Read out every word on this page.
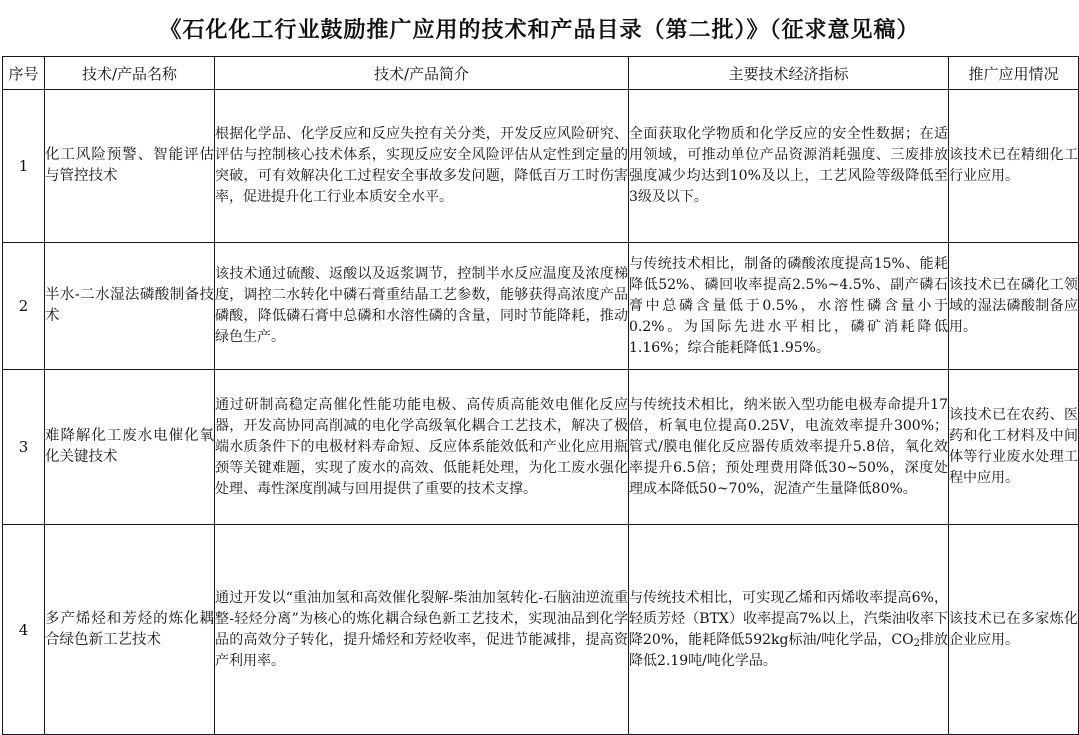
《石化化工行业鼓励推广应用的技术和产品目录（第二批）》（征求意见稿）
序号	技术/产品名称	技术/产品简介	主要技术经济指标	推广应用情况
1	化工风险预警、智能评估与管控技术	根据化学品、化学反应和反应失控有关分类，开发反应风险研究、评估与控制核心技术体系，实现反应安全风险评估从定性到定量的突破，可有效解决化工过程安全事故多发问题，降低百万工时伤害率，促进提升化工行业本质安全水平。	全面获取化学物质和化学反应的安全性数据；在适用领域，可推动单位产品资源消耗强度、三废排放强度减少均达到10%及以上，工艺风险等级降低至3级及以下。	该技术已在精细化工行业应用。
2	半水-二水湿法磷酸制备技术	该技术通过硫酸、返酸以及返浆调节，控制半水反应温度及浓度梯度，调控二水转化中磷石膏重结晶工艺参数，能够获得高浓度产品磷酸，降低磷石膏中总磷和水溶性磷的含量，同时节能降耗，推动绿色生产。	与传统技术相比，制备的磷酸浓度提高15%、能耗降低52%、磷回收率提高2.5%~4.5%、副产磷石膏中总磷含量低于0.5%，水溶性磷含量小于0.2%。为国际先进水平相比，磷矿消耗降低1.16%；综合能耗降低1.95%。	该技术已在磷化工领域的湿法磷酸制备应用。
3	难降解化工废水电催化氧化关键技术	通过研制高稳定高催化性能功能电极、高传质高能效电催化反应器，开发高协同高削减的电化学高级氧化耦合工艺技术，解决了极端水质条件下的电极材料寿命短、反应体系能效低和产业化应用瓶颈等关键难题，实现了废水的高效、低能耗处理，为化工废水强化处理、毒性深度削减与回用提供了重要的技术支撑。	与传统技术相比，纳米嵌入型功能电极寿命提升17倍，析氧电位提高0.25V，电流效率提升300%；管式/膜电催化反应器传质效率提升5.8倍，氧化效率提升6.5倍；预处理费用降低30~50%，深度处理成本降低50~70%，泥渣产生量降低80%。	该技术已在农药、医药和化工材料及中间体等行业废水处理工程中应用。
4	多产烯烃和芳烃的炼化耦合绿色新工艺技术	通过开发以“重油加氢和高效催化裂解-柴油加氢转化-石脑油逆流重整-轻烃分离”为核心的炼化耦合绿色新工艺技术，实现油品到化学品的高效分子转化，提升烯烃和芳烃收率，促进节能减排，提高资产利用率。	与传统技术相比，可实现乙烯和丙烯收率提高6%，轻质芳烃（BTX）收率提高7%以上，汽柴油收率下降20%，能耗降低592kg标油/吨化学品，$CO_2$排放降低2.19吨/吨化学品。	该技术已在多家炼化企业应用。
